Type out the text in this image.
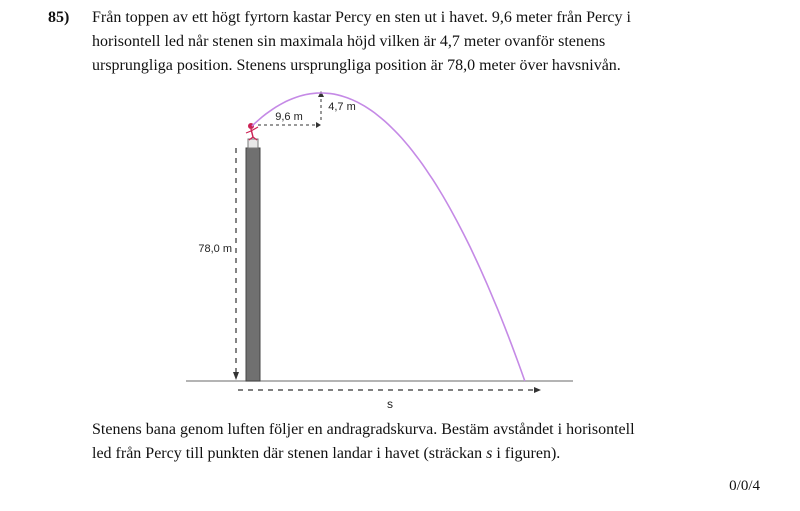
85) Från toppen av ett högt fyrtorn kastar Percy en sten ut i havet. 9,6 meter från Percy i
horisontell led når stenen sin maximala höjd vilken är 4,7 meter ovanför stenens
ursprungliga position. Stenens ursprungliga position är 78,0 meter över havsnivån.
78,0 m
9,6 m
4,7 m
s
Stenens bana genom luften följer en andragradskurva. Bestäm avståndet i horisontell
led från Percy till punkten där stenen landar i havet (sträckan s i figuren).
0/0/4
